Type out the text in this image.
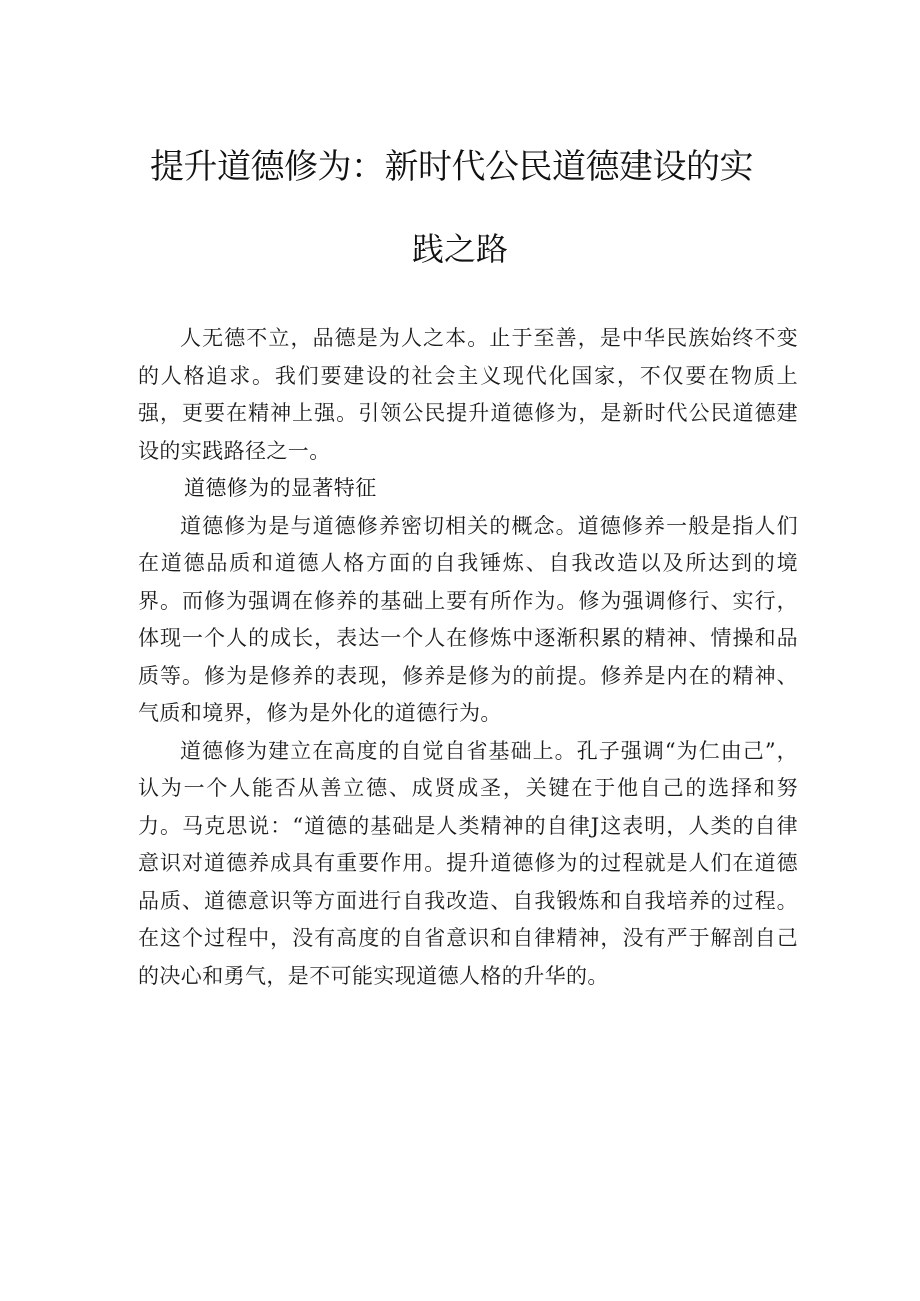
提升道德修为：新时代公民道德建设的实
践之路

人无德不立，品德是为人之本。止于至善，是中华民族始终不变的人格追求。我们要建设的社会主义现代化国家，不仅要在物质上强，更要在精神上强。引领公民提升道德修为，是新时代公民道德建设的实践路径之一。

道德修为的显著特征

道德修为是与道德修养密切相关的概念。道德修养一般是指人们在道德品质和道德人格方面的自我锤炼、自我改造以及所达到的境界。而修为强调在修养的基础上要有所作为。修为强调修行、实行，体现一个人的成长，表达一个人在修炼中逐渐积累的精神、情操和品质等。修为是修养的表现，修养是修为的前提。修养是内在的精神、气质和境界，修为是外化的道德行为。

道德修为建立在高度的自觉自省基础上。孔子强调“为仁由己”，认为一个人能否从善立德、成贤成圣，关键在于他自己的选择和努力。马克思说：“道德的基础是人类精神的自律J这表明，人类的自律意识对道德养成具有重要作用。提升道德修为的过程就是人们在道德品质、道德意识等方面进行自我改造、自我锻炼和自我培养的过程。在这个过程中，没有高度的自省意识和自律精神，没有严于解剖自己的决心和勇气，是不可能实现道德人格的升华的。
